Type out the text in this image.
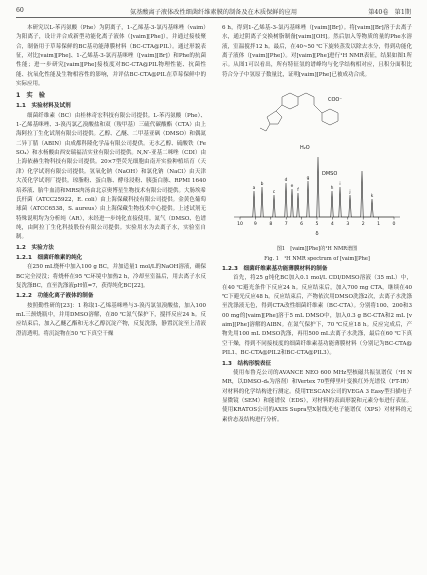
60	氨基酸离子液体改性细菌纤维素膜的制备及在木质保鲜的应用	第40卷　第1期

本研究以L-苯丙氨酸（Phe）为阴离子，1-乙烯基-3-氯丙基咪唑（vaim）为阳离子，设计并合成新型功能化离子液体（[vaim][Phe]），并通过接枝聚合，制备用于草莓保鲜的BC基功能薄膜材料（BC-CTA@PIL）。通过形貌表征，对比[vaim][Phe]、1-乙烯基-3-氯丙基咪唑（[vaim][Br]）和Phe的抗菌性能；进一步研究[vaim][Phe]接枝度对BC-CTA@PIL物理性能、抗菌性能、抗氧化性能及生物相容性的影响，并评估BC-CTA@PIL在草莓保鲜中的实际应用。

1　实　验
1.1　实验材料及试剂

细菌纤维素（BC）由桂林奇宏科技有限公司提供。L-苯丙氨酸（Phe）、1-乙烯基咪唑、3-溴丙氯乙溴酸盐和双（羧甲基）三硫代碳酸酯（CTA）由上海阿拉丁生化试剂有限公司提供。乙醇、乙醚、二甲基亚砜（DMSO）和偶氮二异丁腈（ABIN）由成都科隆化学品有限公司提供。无水乙醇、硫酸铁（FeSO₄）和水杨酸由西安瑞福洁实业有限公司提供。N,N′-亚基二咪唑（CDI）由上海依赫生物科技有限公司提供。20×7型荧光细胞由南开实验种植培育（天津）化学试剂有限公司提供。氢氧化钠（NaOH）和氯化钠（NaCl）由天津大茂化学试剂厂提供。琼脂粉、蛋白胨、酵母浸粉、胰蛋白胨、RPMI 1640培养液、胎牛血清和MRS肉汤由北京奥博星生物技术有限公司提供。大肠埃希氏杆菌（ATCC25922，E. coli）由上海保藏科技有限公司提供。金黄色葡萄球菌（ATCC6538，S. aureus）由上海保藏生物技术中心提供。上述试剂无特殊说明均为分析纯（AR），未经进一步纯化直接使用。氮气（DMSO、色谱纯，由阿拉丁生化科技股份有限公司提供。实验用水为去离子水，实验室自制。

1.2　实验方法
1.2.1　细菌纤维素的纯化

在250 mL烧杯中加入100 g BC，并加适量1 mol/L的NaOH溶液，确保BC完全浸没；将烧杯在95 ℃环境中加热2 h，冷却至室温后，用去离子水反复洗涤BC，直至洗涤液pH值=7，获得纯化BC[22]。

1.2.2　功能化离子液体的制备

按照勤性研的[23]：1 称取1-乙烯基咪唑与3-溴丙氯氢溴酸盐，加入100 mL三颈烧瓶中，并用DMSO溶解，在80 ℃氮气保护下，搅拌反应24 h。反应结束后，加入乙醚乙酯和无水乙醇沉淀产物，反复洗涤，静置沉淀至上清液澄清透明。将沉淀物在50 ℃下真空干燥

6 h，得到1-乙烯基-3-氯丙基咪唑（[vaim][Br]）。将[vaim][Br]溶于去离子水，通过阴离子交换树脂制备[vaim][OH]。然后加入等物质的量的Phe水溶液，室温搅拌12 h。最后，在40~50 ℃下旋转蒸发以除去水分，得到功能化离子液体（[vaim][Phe]）。对[vaim][Phe]进行¹H NMR表征，结果如图1所示。从图1可以看出，所有特征氢的谱峰均与化学结构相对应，且积分面积比符合分子中氢原子数量比，证明[vaim][Phe]已被成功合成。

COO⁻
H₂O
DMSO
a
b
c
d
e
f
g
h
i
j
k
10 9	8	7	6	5	4	3	2	1	0
δ
图1　[vaim][Phe]的¹H NMR谱图
Fig. 1　¹H NMR spectrum of [vaim][Phe]
1.2.3　细菌纤维素基功能薄膜材料的制备

首先，将25 g纯化BC加入0.1 mol/L CDI/DMSO溶液（35 mL）中，在40 ℃避光条件下反应24 h。反应结束后，加入700 mg CTA，继续在40 ℃下避光反应48 h。反应结束后，产物依次用DMSO洗涤2次，去离子水洗涤至洗涤液无色，得到CTA改性细菌纤维素（BC-CTA）。分别将100、200和300 mg的[vaim][Phe]溶于5 mL DMSO中，加入0.3 g BC-CTA和2 mL [vaim][Phe]溶解的AIBN。在氮气保护下，70 ℃反应18 h。反应完成后，产物先用100 mL DMSO洗涤，再用500 mL去离子水洗涤，最后在60 ℃下真空干燥，得到不同接枝度的细菌纤维素基功能薄膜材料（分别记为BC-CTA@PIL1、BC-CTA@PIL2和BC-CTA@PIL3）。

1.3　结构形貌表征

使用布鲁克公司的AVANCE NEO 600 MHz型核磁共振氢谱仪（¹H NMR，以DMSO-d₆为溶剂）和Vertex 70型傅里叶变换红外光谱仪（FT-IR）对材料的化学结构进行测定。使用TESCAN公司的VEGA 3 Easy型扫描电子显微镜（SEM）和能谱仪（EDS），对材料的表面形貌和元素分布进行表征。使用KRATOS公司的AXIS Supra型X射线光电子能谱仪（XPS）对材料的元素价态及结构进行分析。
